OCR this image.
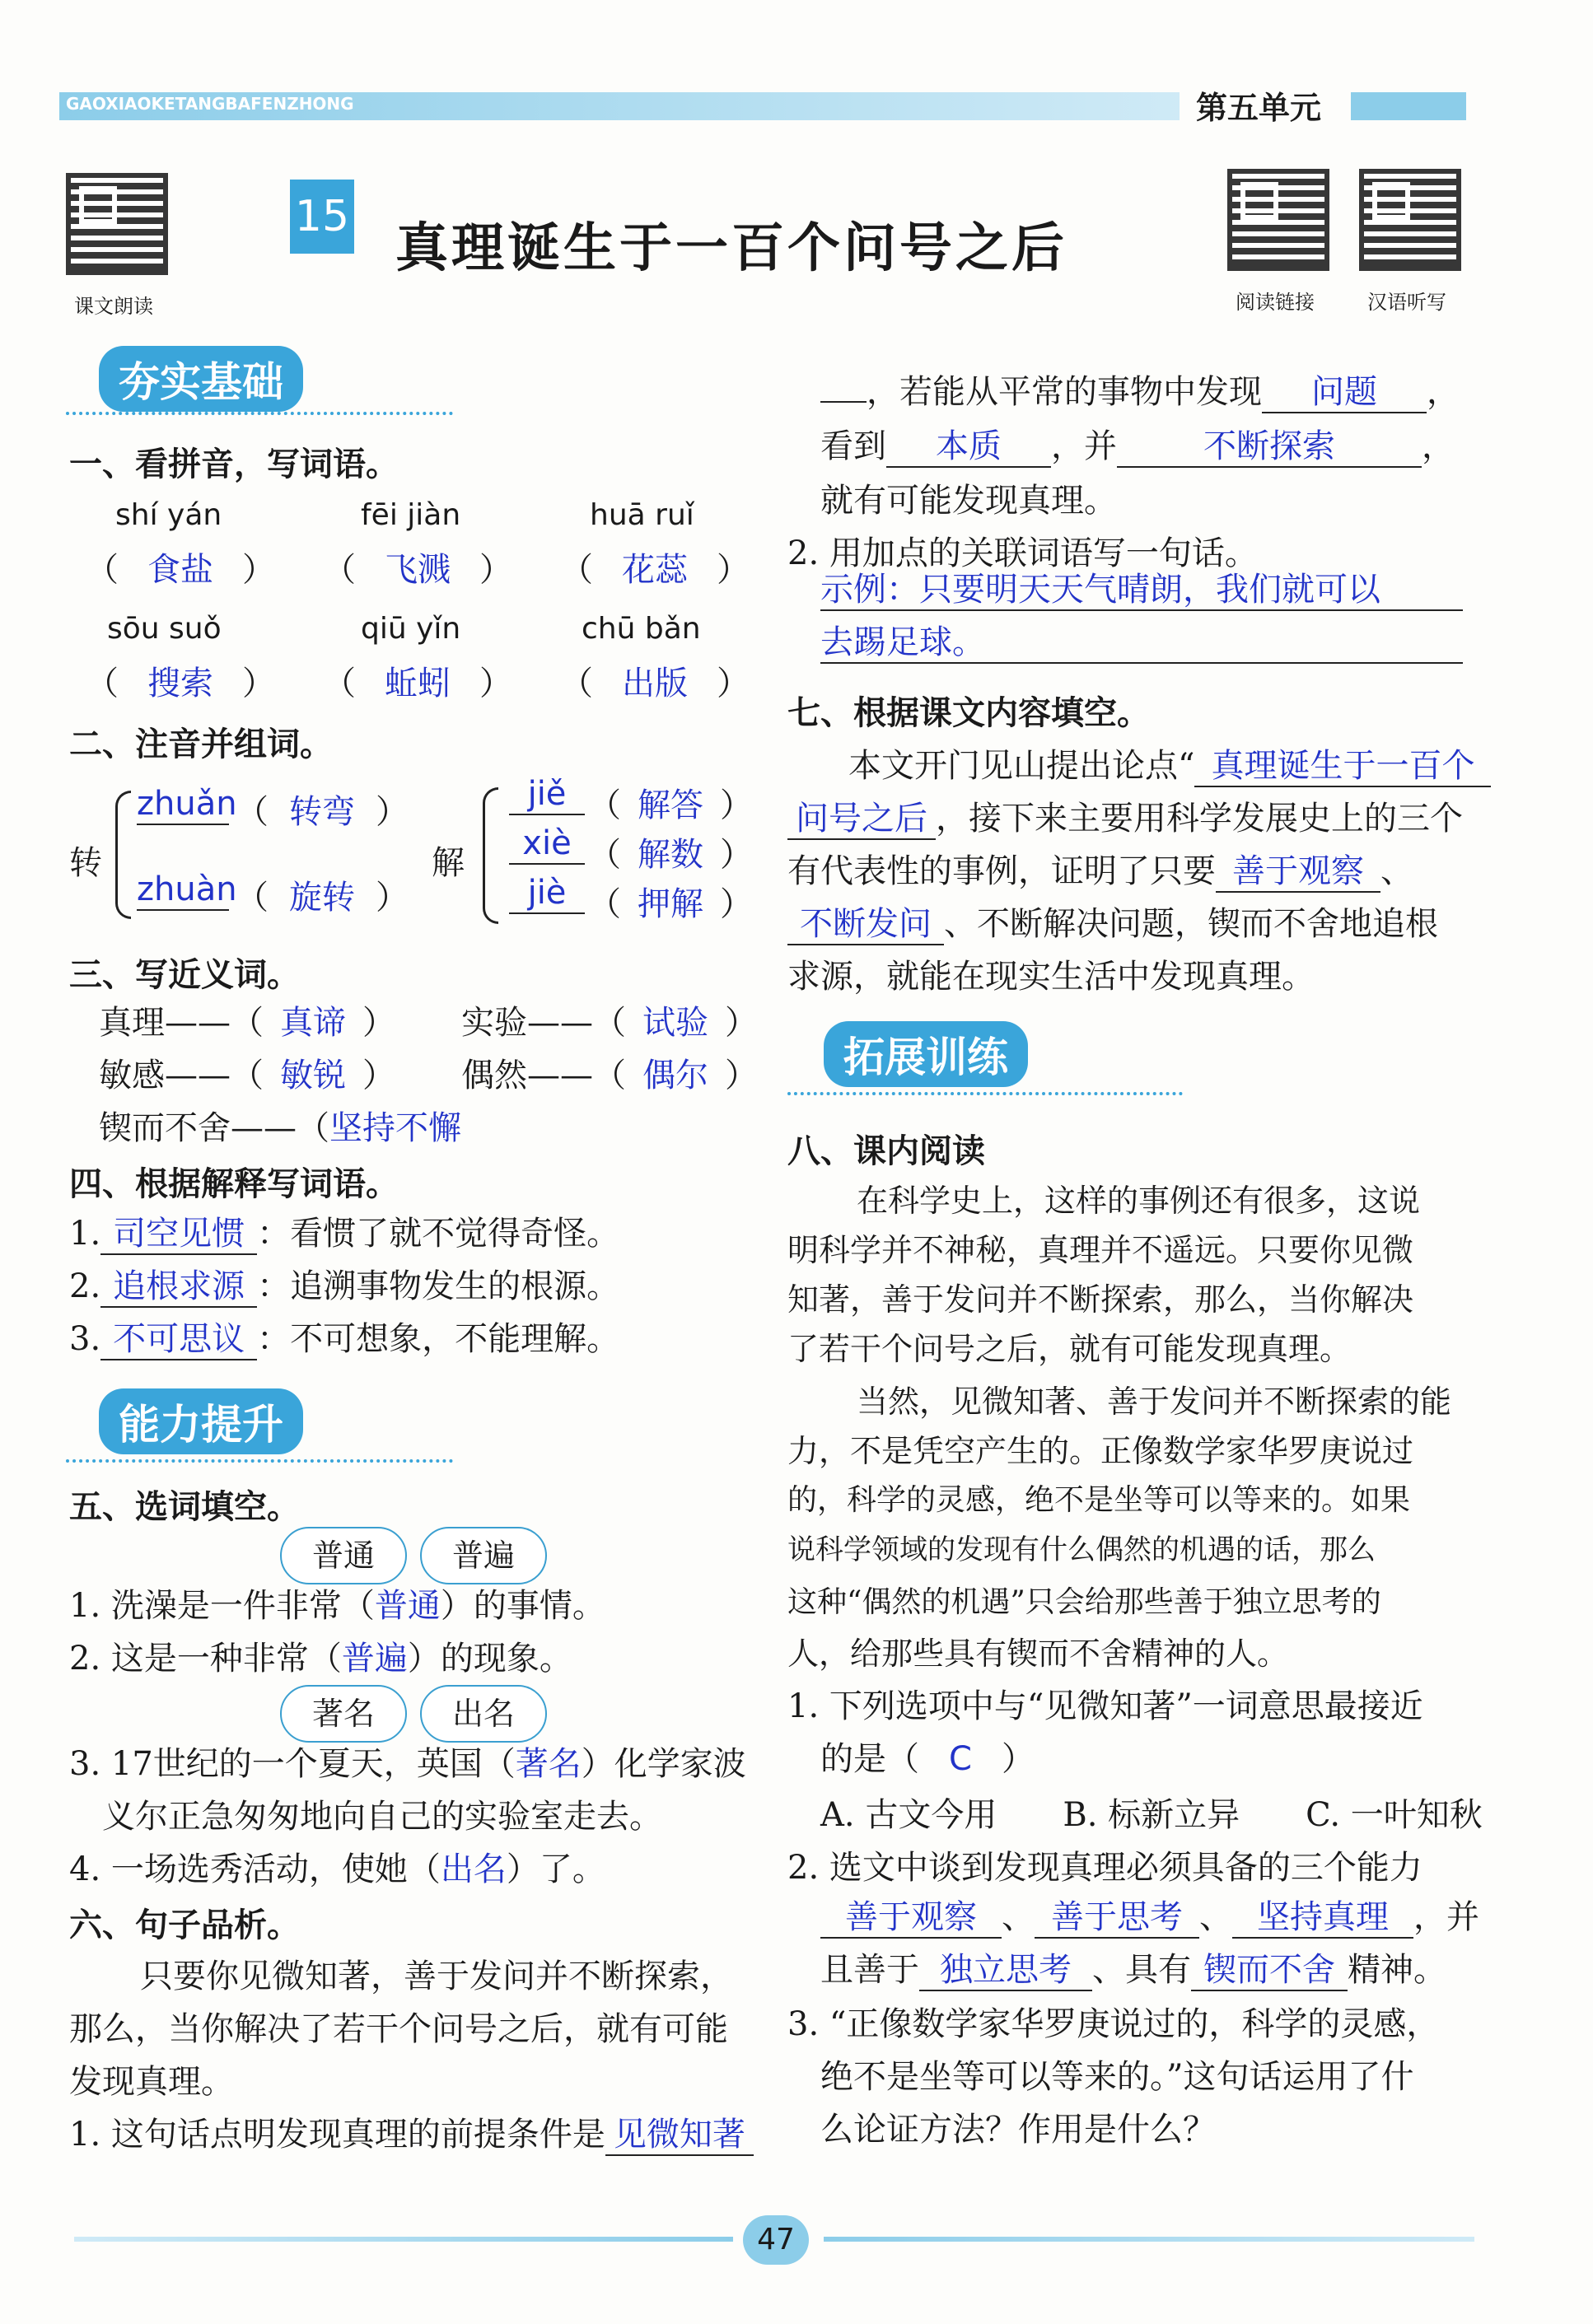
GAOXIAOKETANGBAFENZHONG	第五单元
课文朗读	阅读链接	汉语听写
15
真理诞生于一百个问号之后
夯实基础
一、看拼音，写词语。
shí yán	fēi jiàn	huā ruǐ
（ 食盐 ） （ 飞溅 ） （ 花蕊 ）
sōu suǒ	qiū yǐn	chū bǎn
（ 搜索 ） （ 蚯蚓 ） （ 出版 ）
二、注音并组词。
转
zhuǎn
（ 转弯 ）
zhuàn
（ 旋转 ）
解
jiě （ 解答 ）
xiè （ 解数 ）
jiè （ 押解 ）
三、写近义词。
真理——（ 真谛 ） 实验——（ 试验 ）
敏感——（ 敏锐 ） 偶然——（ 偶尔 ）
锲而不舍——（坚持不懈
四、根据解释写词语。
1. 司空见惯 ：看惯了就不觉得奇怪。
2. 追根求源 ：追溯事物发生的根源。
3. 不可思议 ：不可想象，不能理解。
能力提升
五、选词填空。
普通	普遍
1. 洗澡是一件非常（普通）的事情。
2. 这是一种非常（普遍）的现象。
著名	出名
3. 17世纪的一个夏天，英国（著名）化学家波
义尔正急匆匆地向自己的实验室走去。
4. 一场选秀活动，使她（出名）了。
六、句子品析。
只要你见微知著，善于发问并不断探索，
那么，当你解决了若干个问号之后，就有可能
发现真理。
1. 这句话点明发现真理的前提条件是 见微知著
，若能从平常的事物中发现 问题 ，
看到 本质 ，并	不断探索	，
就有可能发现真理。
2. 用加点的关联词语写一句话。
示例：只要明天天气晴朗，我们就可以
去踢足球。
七、根据课文内容填空。
本文开门见山提出论点“ 真理诞生于一百个
问号之后 ，接下来主要用科学发展史上的三个
有代表性的事例，证明了只要 善于观察 、
不断发问 、不断解决问题，锲而不舍地追根
求源，就能在现实生活中发现真理。
拓展训练
八、课内阅读
在科学史上，这样的事例还有很多，这说
明科学并不神秘，真理并不遥远。只要你见微
知著，善于发问并不断探索，那么，当你解决
了若干个问号之后，就有可能发现真理。
当然，见微知著、善于发问并不断探索的能
力，不是凭空产生的。正像数学家华罗庚说过
的，科学的灵感，绝不是坐等可以等来的。如果
说科学领域的发现有什么偶然的机遇的话，那么
这种“偶然的机遇”只会给那些善于独立思考的
人，给那些具有锲而不舍精神的人。
1. 下列选项中与“见微知著”一词意思最接近
的是（ C ）
A. 古文今用　　B. 标新立异　　C. 一叶知秋
2. 选文中谈到发现真理必须具备的三个能力
善于观察 、 善于思考 、 坚持真理 ，并
且善于 独立思考 、具有 锲而不舍 精神。
3. “正像数学家华罗庚说过的，科学的灵感，
绝不是坐等可以等来的。”这句话运用了什
么论证方法？作用是什么？
47
